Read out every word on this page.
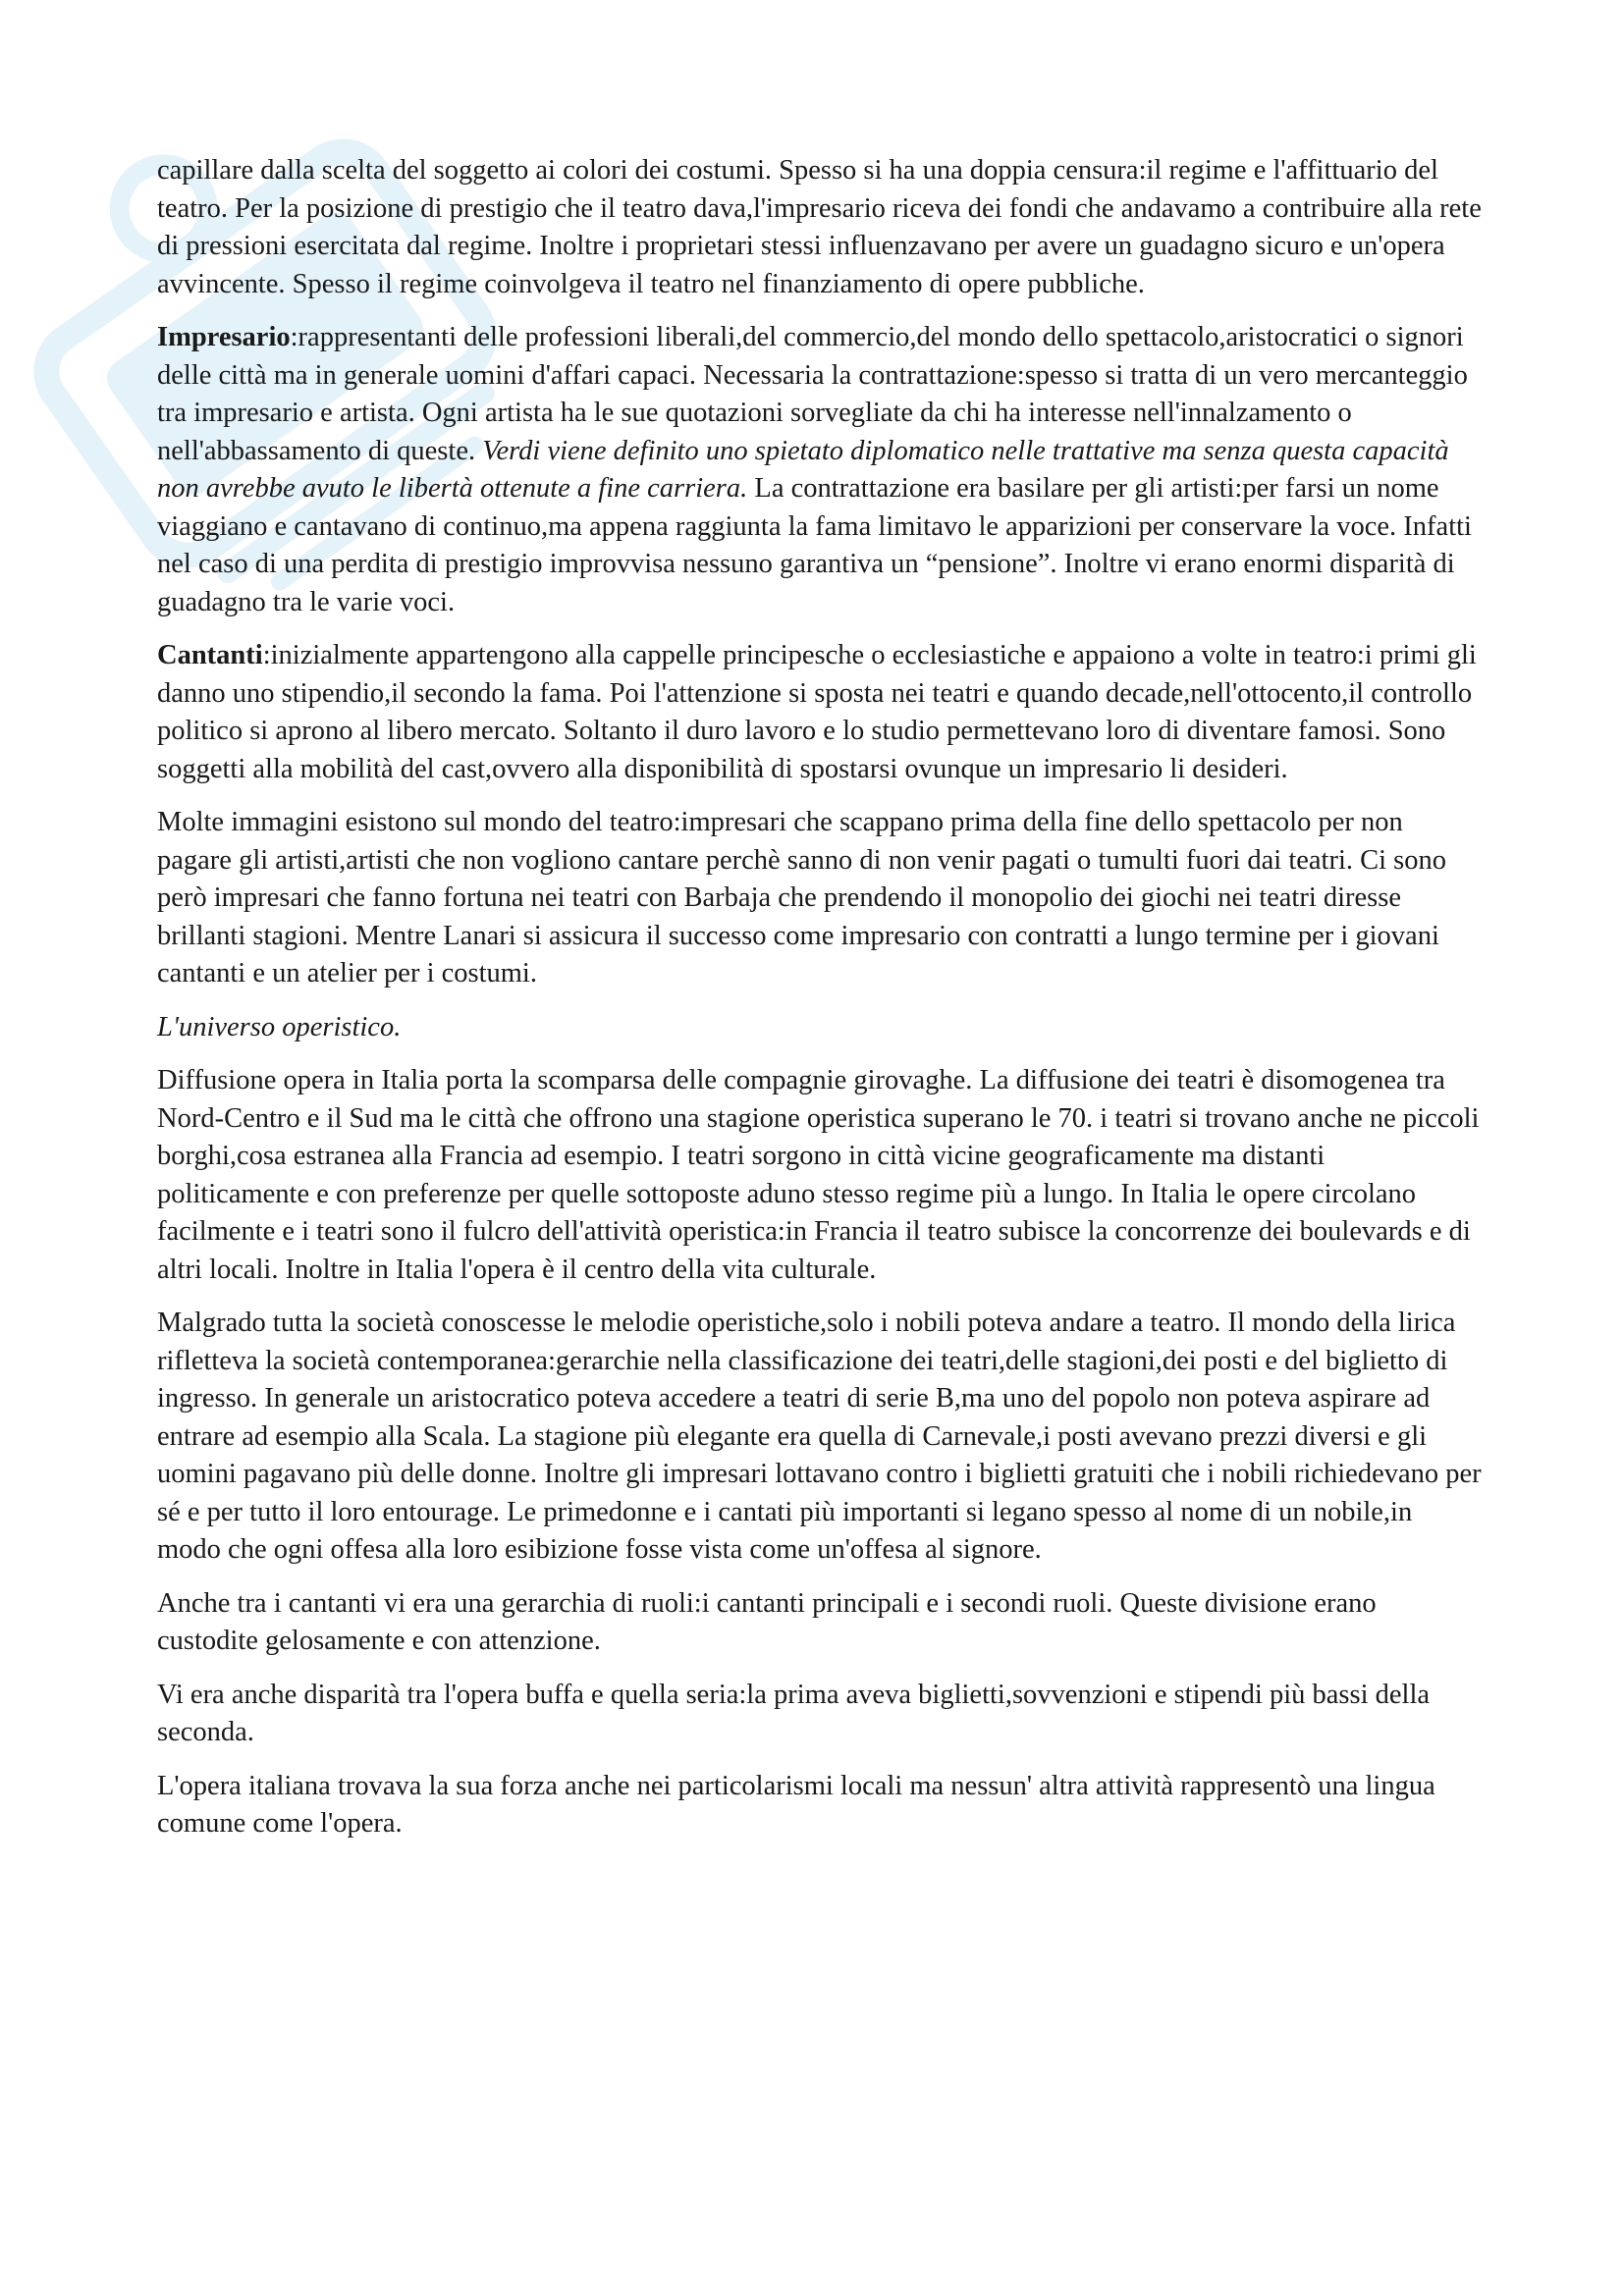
capillare dalla scelta del soggetto ai colori dei costumi. Spesso si ha una doppia censura:il regime e l'affittuario del teatro. Per la posizione di prestigio che il teatro dava,l'impresario riceva dei fondi che andavamo a contribuire alla rete di pressioni esercitata dal regime. Inoltre i proprietari stessi influenzavano per avere un guadagno sicuro e un'opera avvincente. Spesso il regime coinvolgeva il teatro nel finanziamento di opere pubbliche.

Impresario:rappresentanti delle professioni liberali,del commercio,del mondo dello spettacolo,aristocratici o signori delle città ma in generale uomini d'affari capaci. Necessaria la contrattazione:spesso si tratta di un vero mercanteggio tra impresario e artista. Ogni artista ha le sue quotazioni sorvegliate da chi ha interesse nell'innalzamento o nell'abbassamento di queste. Verdi viene definito uno spietato diplomatico nelle trattative ma senza questa capacità non avrebbe avuto le libertà ottenute a fine carriera. La contrattazione era basilare per gli artisti:per farsi un nome viaggiano e cantavano di continuo,ma appena raggiunta la fama limitavo le apparizioni per conservare la voce. Infatti nel caso di una perdita di prestigio improvvisa nessuno garantiva un “pensione”. Inoltre vi erano enormi disparità di guadagno tra le varie voci.

Cantanti:inizialmente appartengono alla cappelle principesche o ecclesiastiche e appaiono a volte in teatro:i primi gli danno uno stipendio,il secondo la fama. Poi l'attenzione si sposta nei teatri e quando decade,nell'ottocento,il controllo politico si aprono al libero mercato. Soltanto il duro lavoro e lo studio permettevano loro di diventare famosi. Sono soggetti alla mobilità del cast,ovvero alla disponibilità di spostarsi ovunque un impresario li desideri.

Molte immagini esistono sul mondo del teatro:impresari che scappano prima della fine dello spettacolo per non pagare gli artisti,artisti che non vogliono cantare perchè sanno di non venir pagati o tumulti fuori dai teatri. Ci sono però impresari che fanno fortuna nei teatri con Barbaja che prendendo il monopolio dei giochi nei teatri diresse brillanti stagioni. Mentre Lanari si assicura il successo come impresario con contratti a lungo termine per i giovani cantanti e un atelier per i costumi.

L'universo operistico.

Diffusione opera in Italia porta la scomparsa delle compagnie girovaghe. La diffusione dei teatri è disomogenea tra Nord-Centro e il Sud ma le città che offrono una stagione operistica superano le 70. i teatri si trovano anche ne piccoli borghi,cosa estranea alla Francia ad esempio. I teatri sorgono in città vicine geograficamente ma distanti politicamente e con preferenze per quelle sottoposte aduno stesso regime più a lungo. In Italia le opere circolano facilmente e i teatri sono il fulcro dell'attività operistica:in Francia il teatro subisce la concorrenze dei boulevards e di altri locali. Inoltre in Italia l'opera è il centro della vita culturale.

Malgrado tutta la società conoscesse le melodie operistiche,solo i nobili poteva andare a teatro. Il mondo della lirica rifletteva la società contemporanea:gerarchie nella classificazione dei teatri,delle stagioni,dei posti e del biglietto di ingresso. In generale un aristocratico poteva accedere a teatri di serie B,ma uno del popolo non poteva aspirare ad entrare ad esempio alla Scala. La stagione più elegante era quella di Carnevale,i posti avevano prezzi diversi e gli uomini pagavano più delle donne. Inoltre gli impresari lottavano contro i biglietti gratuiti che i nobili richiedevano per sé e per tutto il loro entourage. Le primedonne e i cantati più importanti si legano spesso al nome di un nobile,in modo che ogni offesa alla loro esibizione fosse vista come un'offesa al signore.

Anche tra i cantanti vi era una gerarchia di ruoli:i cantanti principali e i secondi ruoli. Queste divisione erano custodite gelosamente e con attenzione.

Vi era anche disparità tra l'opera buffa e quella seria:la prima aveva biglietti,sovvenzioni e stipendi più bassi della seconda.

L'opera italiana trovava la sua forza anche nei particolarismi locali ma nessun' altra attività rappresentò una lingua comune come l'opera.
